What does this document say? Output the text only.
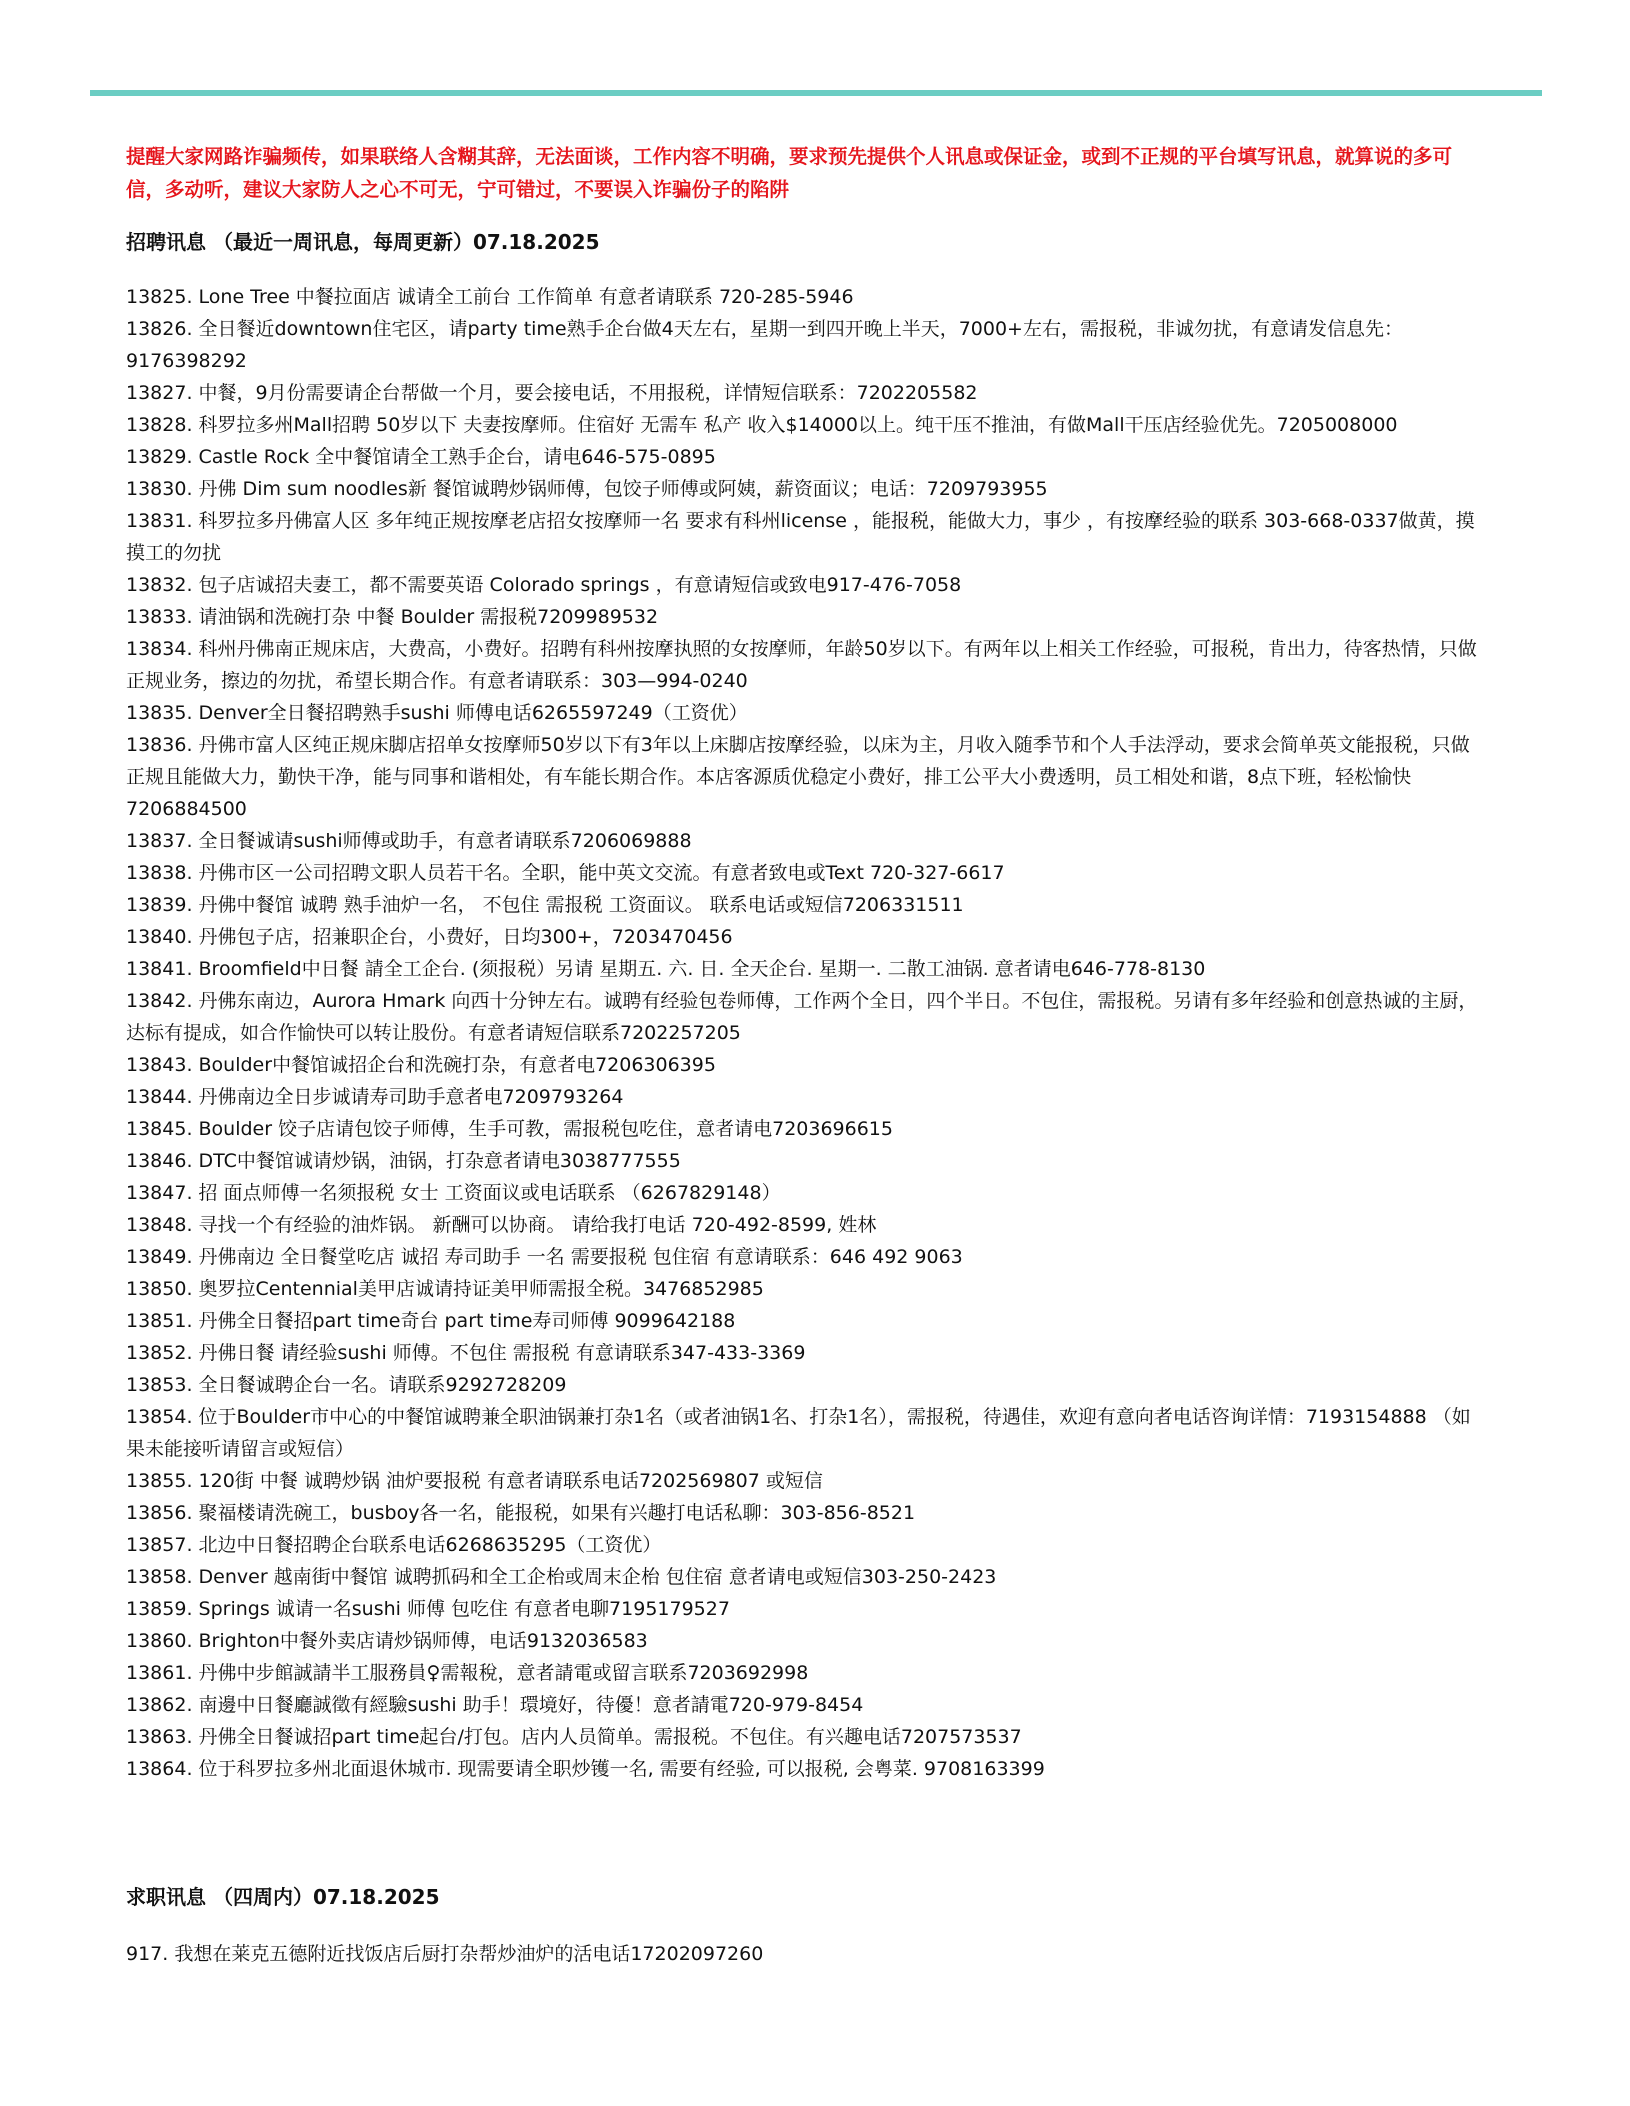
提醒大家网路诈骗频传，如果联络人含糊其辞，无法面谈，工作内容不明确，要求预先提供个人讯息或保证金，或到不正规的平台填写讯息，就算说的多可信，多动听，建议大家防人之心不可无，宁可错过，不要误入诈骗份子的陷阱

招聘讯息 （最近一周讯息，每周更新）07.18.2025
13825. Lone Tree 中餐拉面店 诚请全工前台 工作简单 有意者请联系 720-285-5946
13826. 全日餐近downtown住宅区，请party time熟手企台做4天左右，星期一到四开晚上半天，7000+左右，需报税，非诚勿扰，有意请发信息先：9176398292
13827. 中餐，9月份需要请企台帮做一个月，要会接电话，不用报税，详情短信联系：7202205582
13828. 科罗拉多州Mall招聘 50岁以下 夫妻按摩师。住宿好 无需车 私产 收入$14000以上。纯干压不推油，有做Mall干压店经验优先。7205008000
13829. Castle Rock 全中餐馆请全工熟手企台，请电646-575-0895
13830. 丹佛 Dim sum noodles新 餐馆诚聘炒锅师傅，包饺子师傅或阿姨，薪资面议；电话：7209793955
13831. 科罗拉多丹佛富人区 多年纯正规按摩老店招女按摩师一名 要求有科州license ，能报税，能做大力，事少 ，有按摩经验的联系 303-668-0337做黄，摸摸工的勿扰
13832. 包子店诚招夫妻工，都不需要英语 Colorado springs ，有意请短信或致电917-476-7058
13833. 请油锅和洗碗打杂 中餐 Boulder 需报税7209989532
13834. 科州丹佛南正规床店，大费高，小费好。招聘有科州按摩执照的女按摩师，年龄50岁以下。有两年以上相关工作经验，可报税，肯出力，待客热情，只做正规业务，擦边的勿扰，希望长期合作。有意者请联系：303—994-0240
13835. Denver全日餐招聘熟手sushi 师傅电话6265597249（工资优）
13836. 丹佛市富人区纯正规床脚店招单女按摩师50岁以下有3年以上床脚店按摩经验，以床为主，月收入随季节和个人手法浮动，要求会简单英文能报税，只做正规且能做大力，勤快干净，能与同事和谐相处，有车能长期合作。本店客源质优稳定小费好，排工公平大小费透明，员工相处和谐，8点下班，轻松愉快7206884500
13837. 全日餐诚请sushi师傅或助手，有意者请联系7206069888
13838. 丹佛市区一公司招聘文职人员若干名。全职，能中英文交流。有意者致电或Text 720-327-6617
13839. 丹佛中餐馆 诚聘 熟手油炉一名， 不包住 需报税 工资面议。 联系电话或短信7206331511
13840. 丹佛包子店，招兼职企台，小费好，日均300+，7203470456
13841. Broomfield中日餐 請全工企台. (须报税）另请 星期五. 六. 日. 全天企台. 星期一. 二散工油锅. 意者请电646-778-8130
13842. 丹佛东南边，Aurora Hmark 向西十分钟左右。诚聘有经验包卷师傅，工作两个全日，四个半日。不包住，需报税。另请有多年经验和创意热诚的主厨，达标有提成，如合作愉快可以转让股份。有意者请短信联系7202257205
13843. Boulder中餐馆诚招企台和洗碗打杂，有意者电7206306395
13844. 丹佛南边全日步诚请寿司助手意者电7209793264
13845. Boulder 饺子店请包饺子师傅，生手可教，需报税包吃住，意者请电7203696615
13846. DTC中餐馆诚请炒锅，油锅，打杂意者请电3038777555
13847. 招 面点师傅一名须报税 女士 工资面议或电话联系 （6267829148）
13848. 寻找一个有经验的油炸锅。 新酬可以协商。 请给我打电话 720-492-8599, 姓林
13849. 丹佛南边 全日餐堂吃店 诚招 寿司助手 一名 需要报税 包住宿 有意请联系：646 492 9063
13850. 奥罗拉Centennial美甲店诚请持证美甲师需报全税。3476852985
13851. 丹佛全日餐招part time奇台 part time寿司师傅 9099642188
13852. 丹佛日餐 请经验sushi 师傅。不包住 需报税 有意请联系347-433-3369
13853. 全日餐诚聘企台一名。请联系9292728209
13854. 位于Boulder市中心的中餐馆诚聘兼全职油锅兼打杂1名（或者油锅1名、打杂1名），需报税，待遇佳，欢迎有意向者电话咨询详情：7193154888 （如果未能接听请留言或短信）
13855. 120街 中餐 诚聘炒锅 油炉要报税 有意者请联系电话7202569807 或短信
13856. 聚福楼请洗碗工，busboy各一名，能报税，如果有兴趣打电话私聊：303-856-8521
13857. 北边中日餐招聘企台联系电话6268635295（工资优）
13858. Denver 越南街中餐馆 诚聘抓码和全工企枱或周末企枱 包住宿 意者请电或短信303-250-2423
13859. Springs 诚请一名sushi 师傅 包吃住 有意者电聊7195179527
13860. Brighton中餐外卖店请炒锅师傅，电话9132036583
13861. 丹佛中步館誠請半工服務員♀需報稅，意者請電或留言联系7203692998
13862. 南邊中日餐廳誠徵有經驗sushi 助手！環境好，待優！意者請電720-979-8454
13863. 丹佛全日餐诚招part time起台/打包。店内人员简单。需报税。不包住。有兴趣电话7207573537
13864. 位于科罗拉多州北面退休城市. 现需要请全职炒镬一名, 需要有经验, 可以报税, 会粤菜. 9708163399
求职讯息 （四周内）07.18.2025
917. 我想在莱克五德附近找饭店后厨打杂帮炒油炉的活电话17202097260
